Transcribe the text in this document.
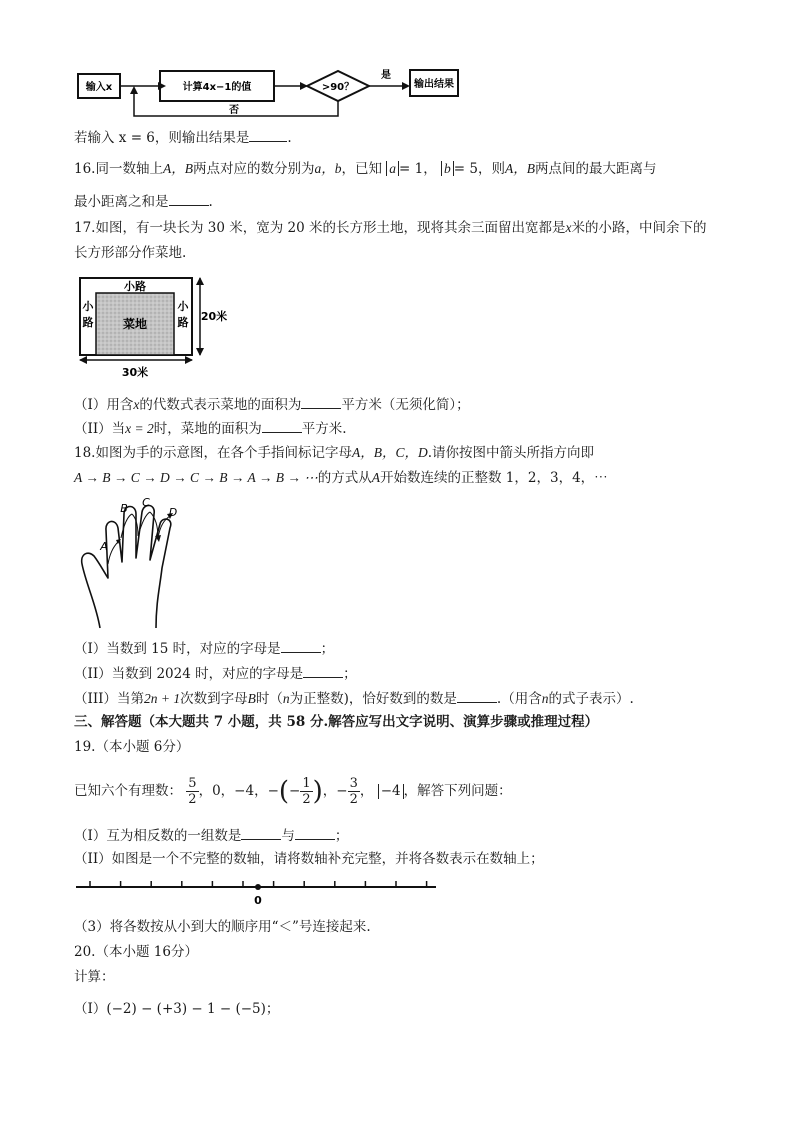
输入x	计算4x−1的值	>90？
是
输出结果
否
若输入 x = 6，则输出结果是	.
16.同一数轴上A，B两点对应的数分别为a，b，已知 a = 1， b = 5，则A，B两点间的最大距离与
最小距离之和是	.
17.如图，有一块长为 30 米，宽为 20 米的长方形土地，现将其余三面留出宽都是x米的小路，中间余下的
长方形部分作菜地.
小路
小
路
小
路
菜地
20米
30米
（I）用含x的代数式表示菜地的面积为	平方米（无须化简）；
（II）当x = 2时，菜地的面积为	平方米.
18.如图为手的示意图，在各个手指间标记字母A，B，C，D.请你按图中箭头所指方向即
A → B → C → D → C → B → A → B → ⋯的方式从A开始数连续的正整数 1，2，3，4，⋯
A
B C
D
（I）当数到 15 时，对应的字母是	；
（II）当数到 2024 时，对应的字母是	；
（III）当第2n + 1次数到字母B时（n为正整数)，恰好数到的数是	.（用含n的式子表示）.
三、解答题（本大题共 7 小题，共 58 分.解答应写出文字说明、演算步骤或推理过程）
19.（本小题 6分）
已知六个有理数： $\frac{5}{2}$ ，0，−4，−(− $\frac{1}{2}$ )，− $\frac{3}{2}$ ， −4 ，解答下列问题：
（I）互为相反数的一组数是	与	；
（II）如图是一个不完整的数轴，请将数轴补充完整，并将各数表示在数轴上；
0
（3）将各数按从小到大的顺序用“＜”号连接起来.
20.（本小题 16分）
计算：
（I）(−2) − (+3) − 1 − (−5)；
